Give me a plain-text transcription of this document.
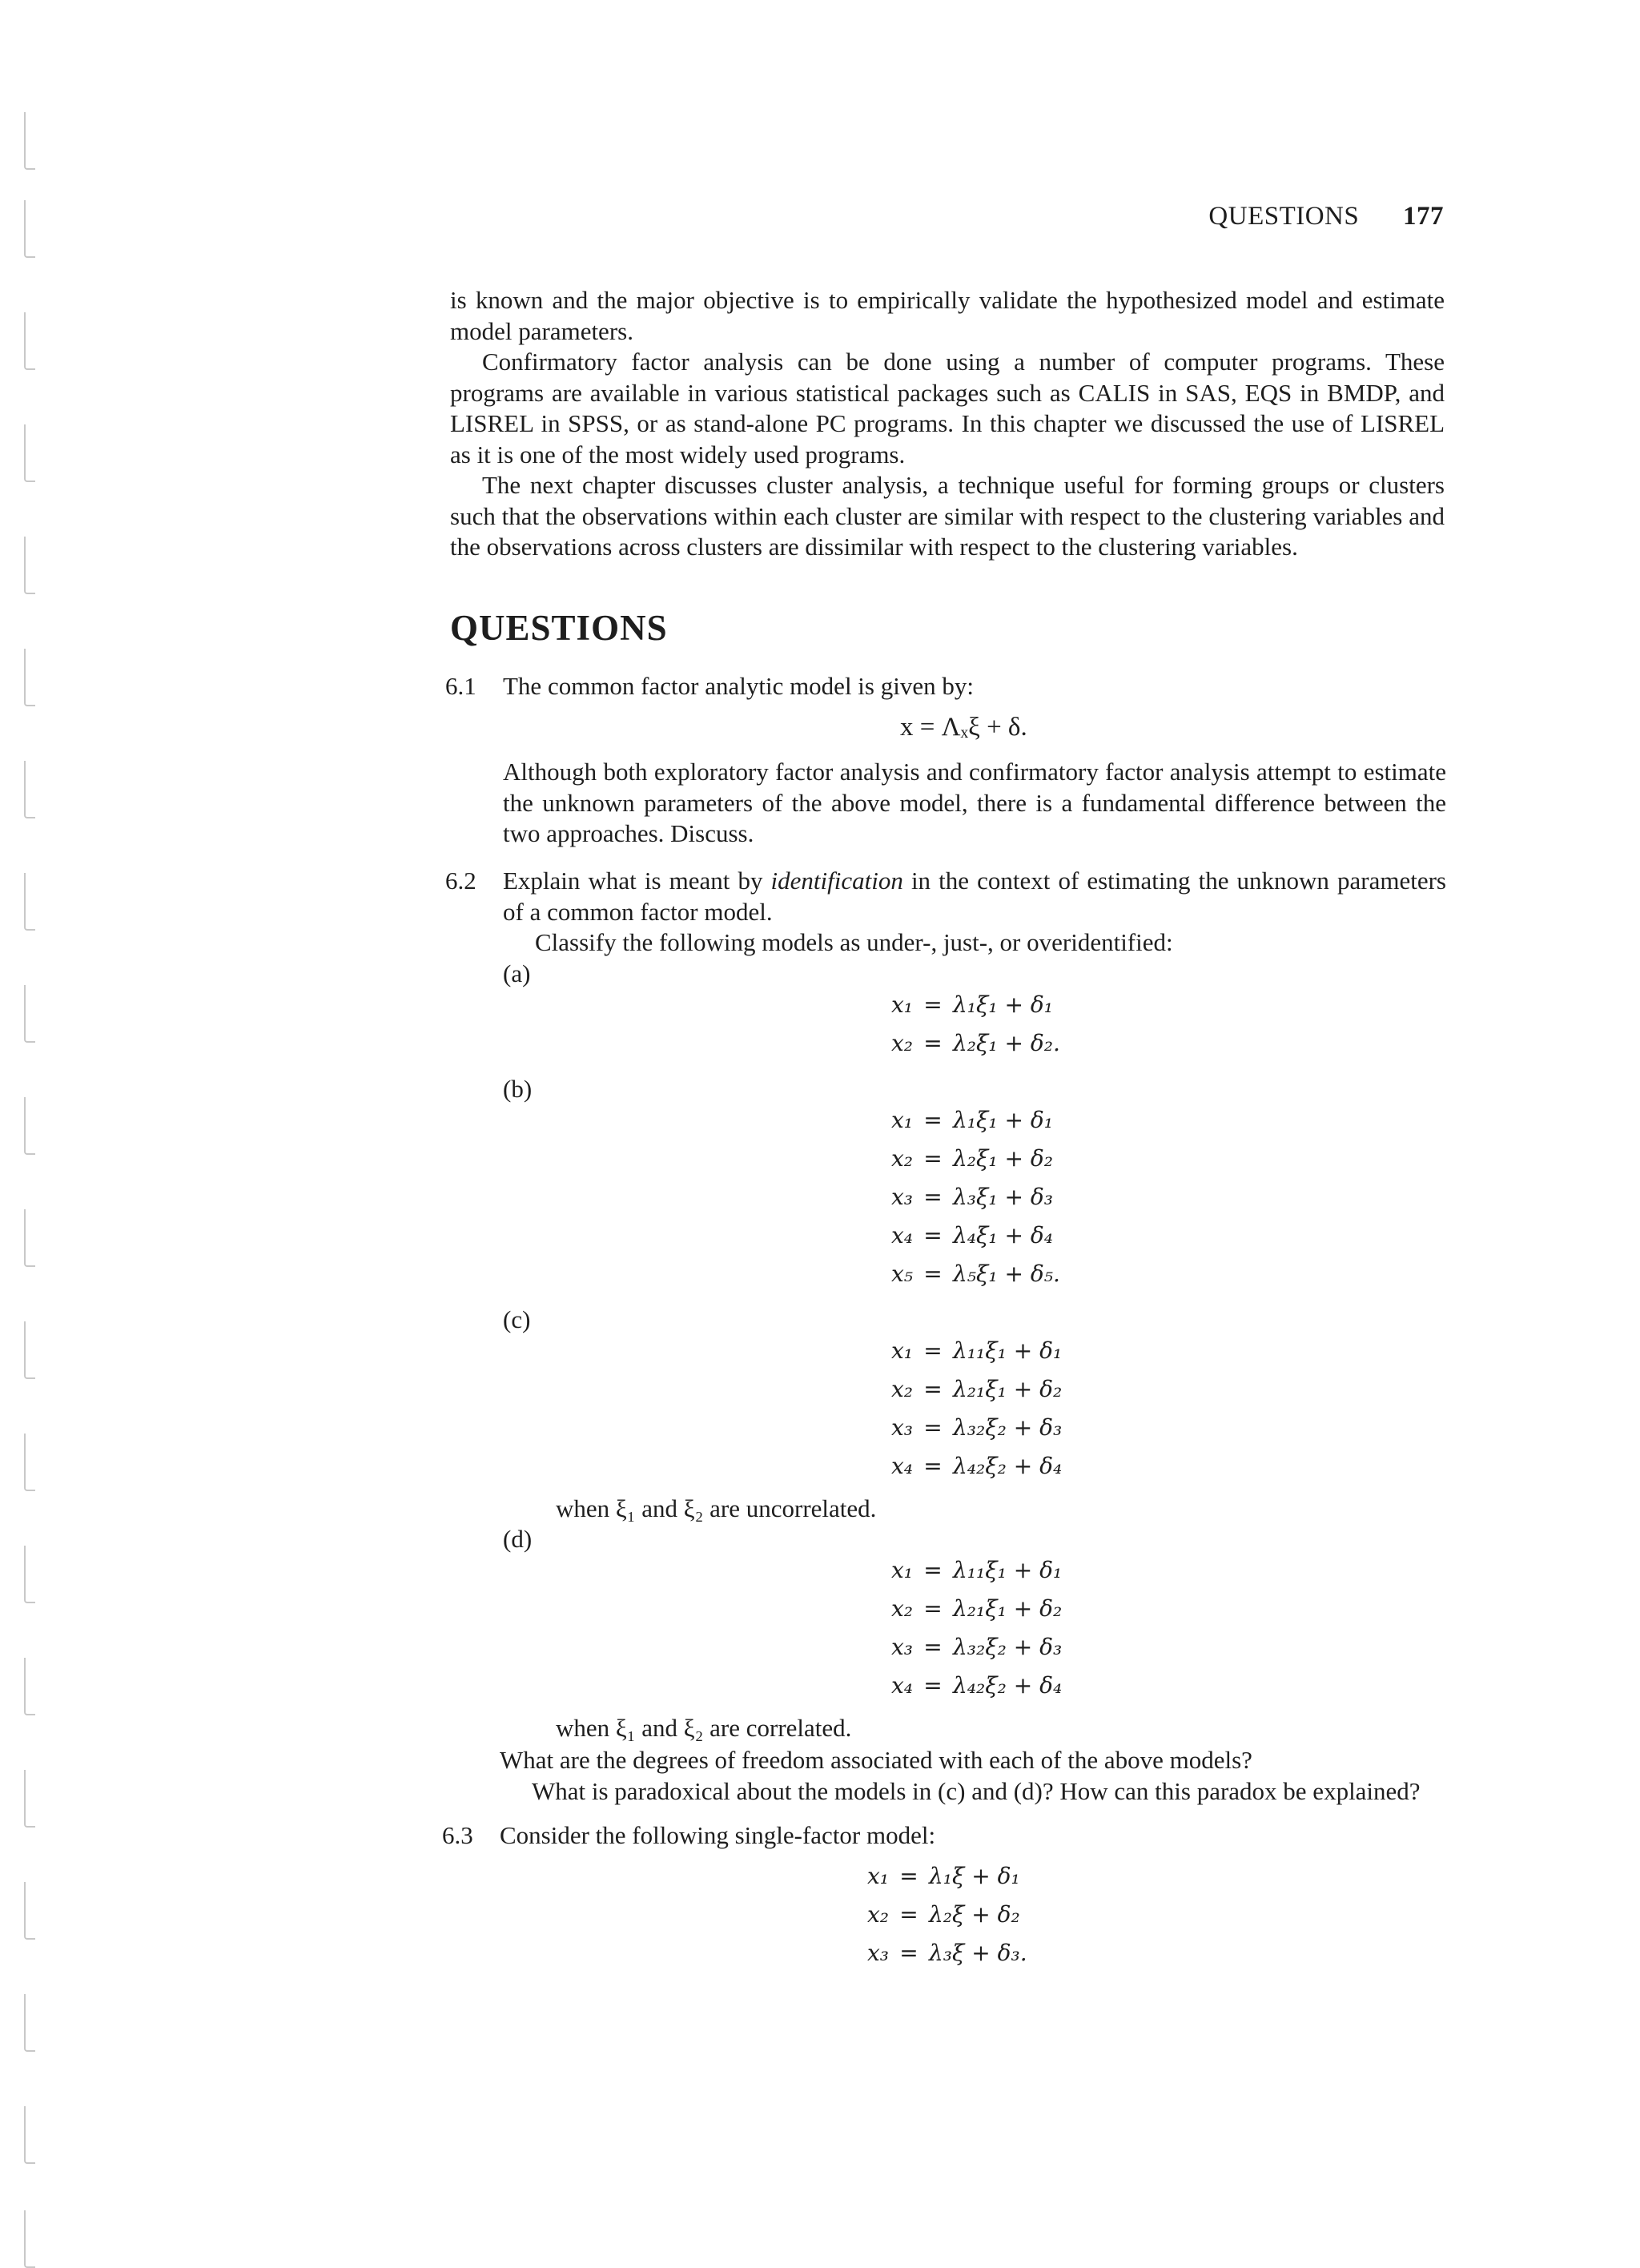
QUESTIONS 177

is known and the major objective is to empirically validate the hypothesized model and estimate model parameters.

Confirmatory factor analysis can be done using a number of computer programs. These programs are available in various statistical packages such as CALIS in SAS, EQS in BMDP, and LISREL in SPSS, or as stand-alone PC programs. In this chapter we discussed the use of LISREL as it is one of the most widely used programs.

The next chapter discusses cluster analysis, a technique useful for forming groups or clusters such that the observations within each cluster are similar with respect to the clustering variables and the observations across clusters are dissimilar with respect to the clustering variables.

QUESTIONS
6.1 The common factor analytic model is given by:

x = Λₓξ + δ.

Although both exploratory factor analysis and confirmatory factor analysis attempt to estimate the unknown parameters of the above model, there is a fundamental difference between the two approaches. Discuss.

6.2 Explain what is meant by identification in the context of estimating the unknown parameters of a common factor model.

Classify the following models as under-, just-, or overidentified:

(a)
x₁ = λ₁ξ₁ + δ₁
x₂ = λ₂ξ₁ + δ₂.
(b)
x₁ = λ₁ξ₁ + δ₁
x₂ = λ₂ξ₁ + δ₂
x₃ = λ₃ξ₁ + δ₃
x₄ = λ₄ξ₁ + δ₄
x₅ = λ₅ξ₁ + δ₅.
(c)
x₁ = λ₁₁ξ₁ + δ₁
x₂ = λ₂₁ξ₁ + δ₂
x₃ = λ₃₂ξ₂ + δ₃
x₄ = λ₄₂ξ₂ + δ₄
when ξ₁ and ξ₂ are uncorrelated.
(d)
x₁ = λ₁₁ξ₁ + δ₁
x₂ = λ₂₁ξ₁ + δ₂
x₃ = λ₃₂ξ₂ + δ₃
x₄ = λ₄₂ξ₂ + δ₄
when ξ₁ and ξ₂ are correlated.

What are the degrees of freedom associated with each of the above models?

What is paradoxical about the models in (c) and (d)? How can this paradox be explained?

6.3 Consider the following single-factor model:

x₁ = λ₁ξ + δ₁
x₂ = λ₂ξ + δ₂
x₃ = λ₃ξ + δ₃.
